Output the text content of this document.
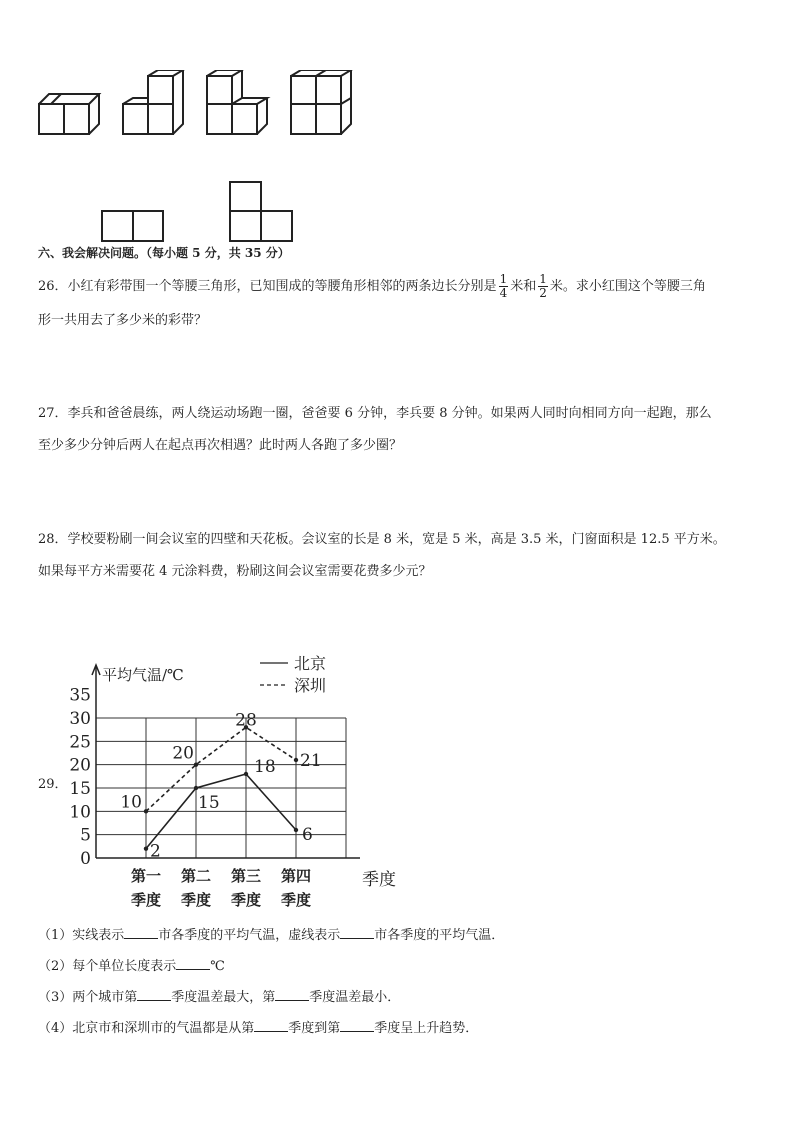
六、我会解决问题。（每小题 5 分，共 35 分）
26．小红有彩带围一个等腰三角形，已知围成的等腰角形相邻的两条边长分别是 $\frac{1}{4}$ 米和 $\frac{1}{2}$ 米。求小红围这个等腰三角
形一共用去了多少米的彩带？
27．李兵和爸爸晨练，两人绕运动场跑一圈，爸爸要 6 分钟，李兵要 8 分钟。如果两人同时向相同方向一起跑，那么
至少多少分钟后两人在起点再次相遇？此时两人各跑了多少圈？
28．学校要粉刷一间会议室的四壁和天花板。会议室的长是 8 米，宽是 5 米，高是 3.5 米，门窗面积是 12.5 平方米。
如果每平方米需要花 4 元涂料费，粉刷这间会议室需要花费多少元？
29．
平均气温/℃
北京
深圳
0
5
10
15
20
25
30
35
2
15
18
6
10
20
28
21
第一
季度
第二
季度
第三
季度
第四
季度
季度
（1）实线表示	市各季度的平均气温，虚线表示	市各季度的平均气温．
（2）每个单位长度表示	℃
（3）两个城市第	季度温差最大，第	季度温差最小．
（4）北京市和深圳市的气温都是从第	季度到第	季度呈上升趋势．
